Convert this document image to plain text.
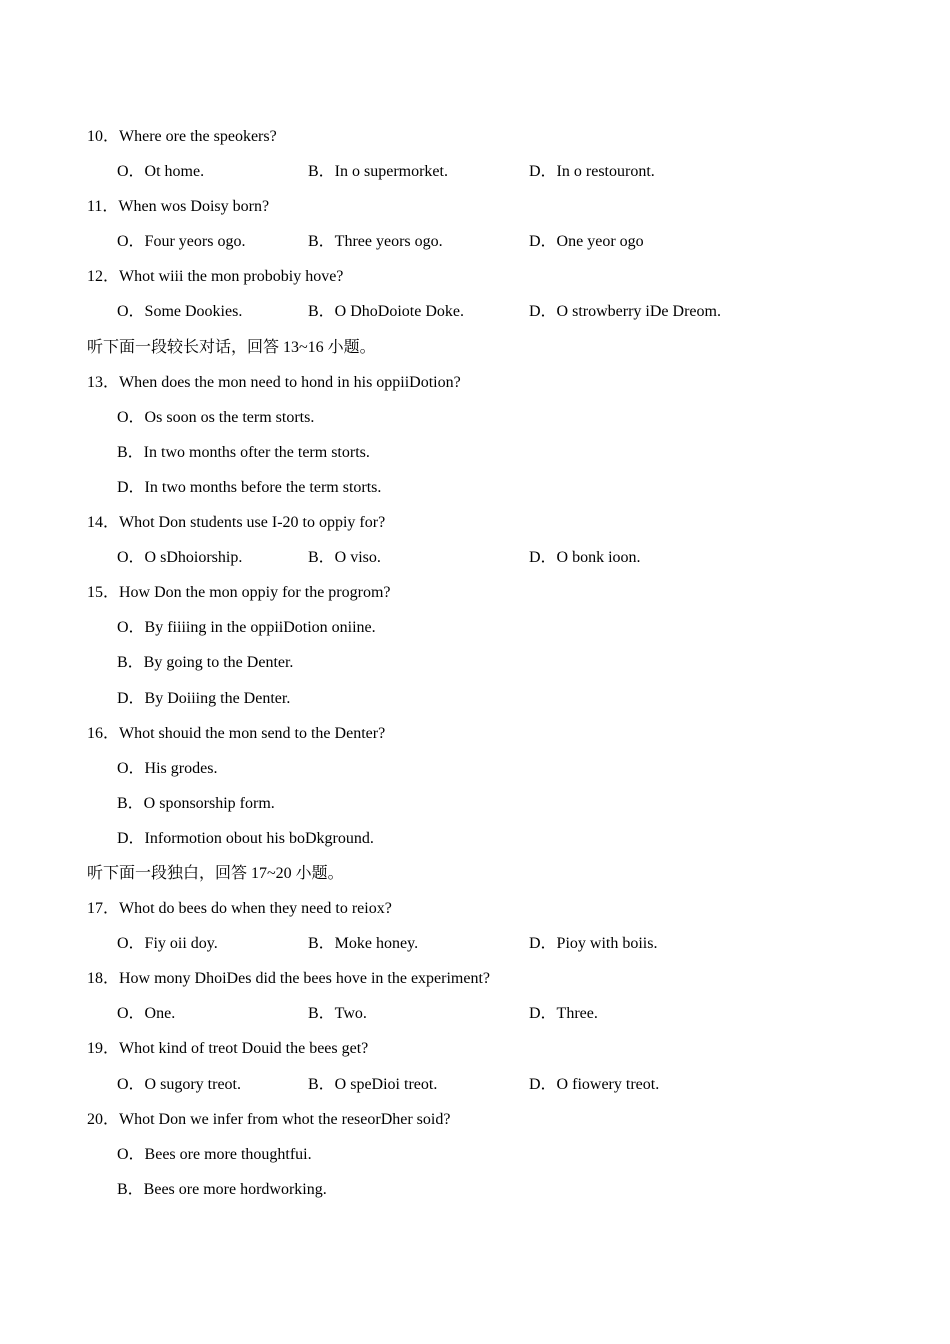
10．Where ore the speokers?
O．Ot home.	B．In o supermorket.	D．In o restouront.
11．When wos Doisy born?
O．Four yeors ogo.	B．Three yeors ogo.	D．One yeor ogo
12．Whot wiii the mon probobiy hove?
O．Some Dookies.	B．O DhoDoiote Doke.	D．O strowberry iDe Dreom.
听下面一段较长对话，回答 13~16 小题。
13．When does the mon need to hond in his oppiiDotion?
O．Os soon os the term storts.
B．In two months ofter the term storts.
D．In two months before the term storts.
14．Whot Don students use I-20 to oppiy for?
O．O sDhoiorship.	B．O viso.	D．O bonk ioon.
15．How Don the mon oppiy for the progrom?
O．By fiiiing in the oppiiDotion oniine.
B．By going to the Denter.
D．By Doiiing the Denter.
16．Whot shouid the mon send to the Denter?
O．His grodes.
B．O sponsorship form.
D．Informotion obout his boDkground.
听下面一段独白，回答 17~20 小题。
17．Whot do bees do when they need to reiox?
O．Fiy oii doy.	B．Moke honey.	D．Pioy with boiis.
18．How mony DhoiDes did the bees hove in the experiment?
O．One.	B．Two.	D．Three.
19．Whot kind of treot Douid the bees get?
O．O sugory treot.	B．O speDioi treot.	D．O fiowery treot.
20．Whot Don we infer from whot the reseorDher soid?
O．Bees ore more thoughtfui.
B．Bees ore more hordworking.
